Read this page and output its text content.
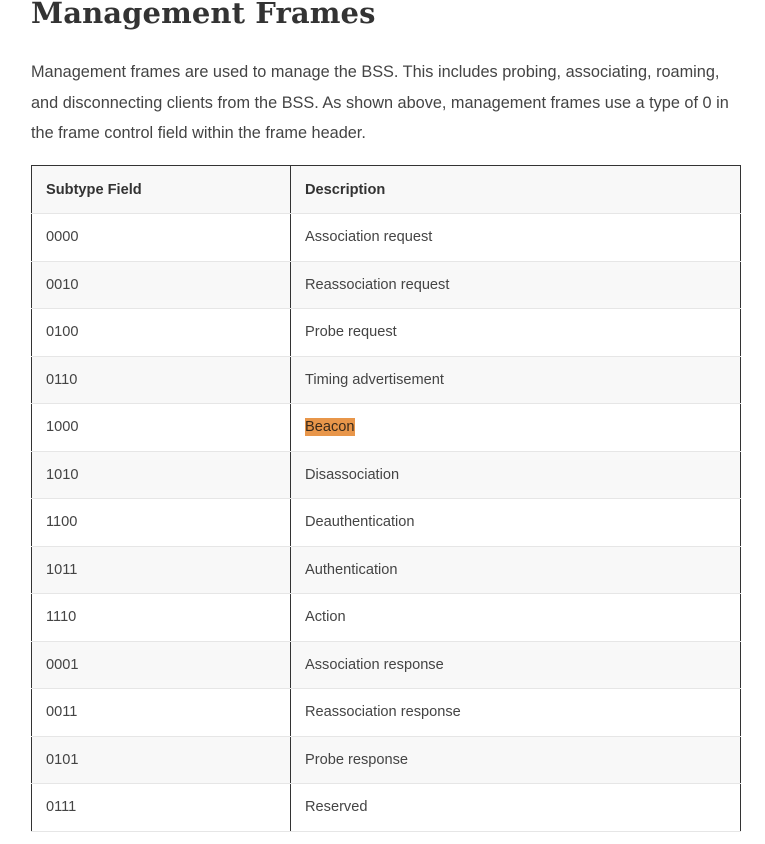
Management Frames

Management frames are used to manage the BSS. This includes probing, associating, roaming, and disconnecting clients from the BSS. As shown above, management frames use a type of 0 in the frame control field within the frame header.

Subtype Field	Description
0000	Association request
0010	Reassociation request
0100	Probe request
0110	Timing advertisement
1000	Beacon
1010	Disassociation
1100	Deauthentication
1011	Authentication
1110	Action
0001	Association response
0011	Reassociation response
0101	Probe response
0111	Reserved
